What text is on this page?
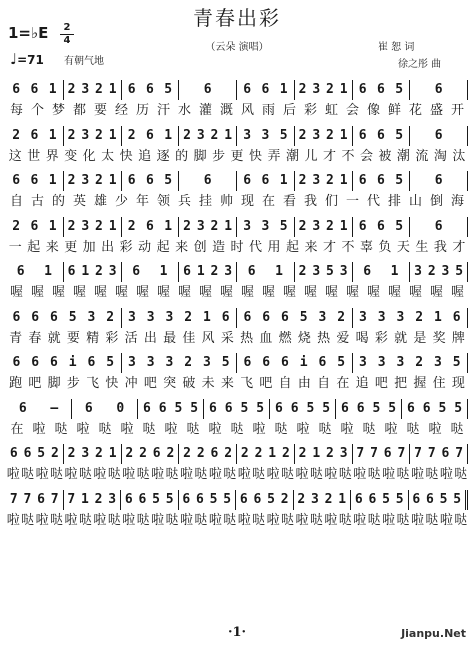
青春出彩
1=♭E	2
4
♩=71 有朝气地
（云朵 演唱）	崔 恕 词
徐之彤 曲
6 6 1 2 3 2 1 6 6 5	6	6 6 1 2 3 2 1 6 6 5	6
每 个 梦 都 要 经 历 汗 水 灌 溉 风 雨 后 彩 虹 会 像 鲜 花 盛 开
2 6 1 2 3 2 1 2 6 1 2 3 2 1 3 3 5 2 3 2 1 6 6 5	6
这 世 界 变 化 太 快 追 逐 的 脚 步 更 快 弄 潮 儿 才 不 会 被 潮 流 淘 汰
6 6 1 2 3 2 1 6 6 5	6	6 6 1 2 3 2 1 6 6 5	6
自 古 的 英 雄 少 年 领 兵 挂 帅 现 在 看 我 们 一 代 排 山 倒 海
2 6 1 2 3 2 1 2 6 1 2 3 2 1 3 3 5 2 3 2 1 6 6 5	6
一 起 来 更 加 出 彩 动 起 来 创 造 时 代 用 起 来 才 不 辜 负 天 生 我 才
6	1	6 1 2 3	6	1	6 1 2 3	6	1	2 3 5 3	6	1	3 2 3 5
喔 喔 喔 喔 喔 喔 喔 喔 喔 喔 喔 喔 喔 喔 喔 喔 喔 喔 喔 喔 喔 喔
6 6 6 5 3 2	3 3 3 2 1 6	6 6 6 5 3 2	3 3 3 2 1 6
青 春 就 要 精 彩 活 出 最 佳 风 采 热 血 燃 烧 热 爱 喝 彩 就 是 奖 牌
6 6 6 i 6 5	3 3 3 2 3 5	6 6 6 i 6 5	3 3 3 2 3 5
跑 吧 脚 步 飞 快 冲 吧 突 破 未 来 飞 吧 自 由 自 在 追 吧 把 握 住 现
6	–	6	0	6 6 5 5 6 6 5 5 6 6 5 5 6 6 5 5 6 6 5 5
在 啦 哒 啦 哒 啦 哒 啦 哒 啦 哒 啦 哒 啦 哒 啦 哒 啦 哒 啦 哒
6 6 5 2 2 3 2 1 2 2 6 2 2 2 6 2 2 2 1 2 2 1 2 3 7 7 6 7 7 7 6 7
啦 哒 啦 哒 啦 哒 啦 哒 啦 哒 啦 哒 啦 哒 啦 哒 啦 哒 啦 哒 啦 哒 啦 哒 啦 哒 啦 哒 啦 哒 啦 哒
7 7 6 7 7 1 2 3 6 6 5 5 6 6 5 5 6 6 5 2 2 3 2 1 6 6 5 5 6 6 5 5
啦 哒 啦 哒 啦 哒 啦 哒 啦 哒 啦 哒 啦 哒 啦 哒 啦 哒 啦 哒 啦 哒 啦 哒 啦 哒 啦 哒 啦 哒 啦 哒
·1·	Jianpu.Net
